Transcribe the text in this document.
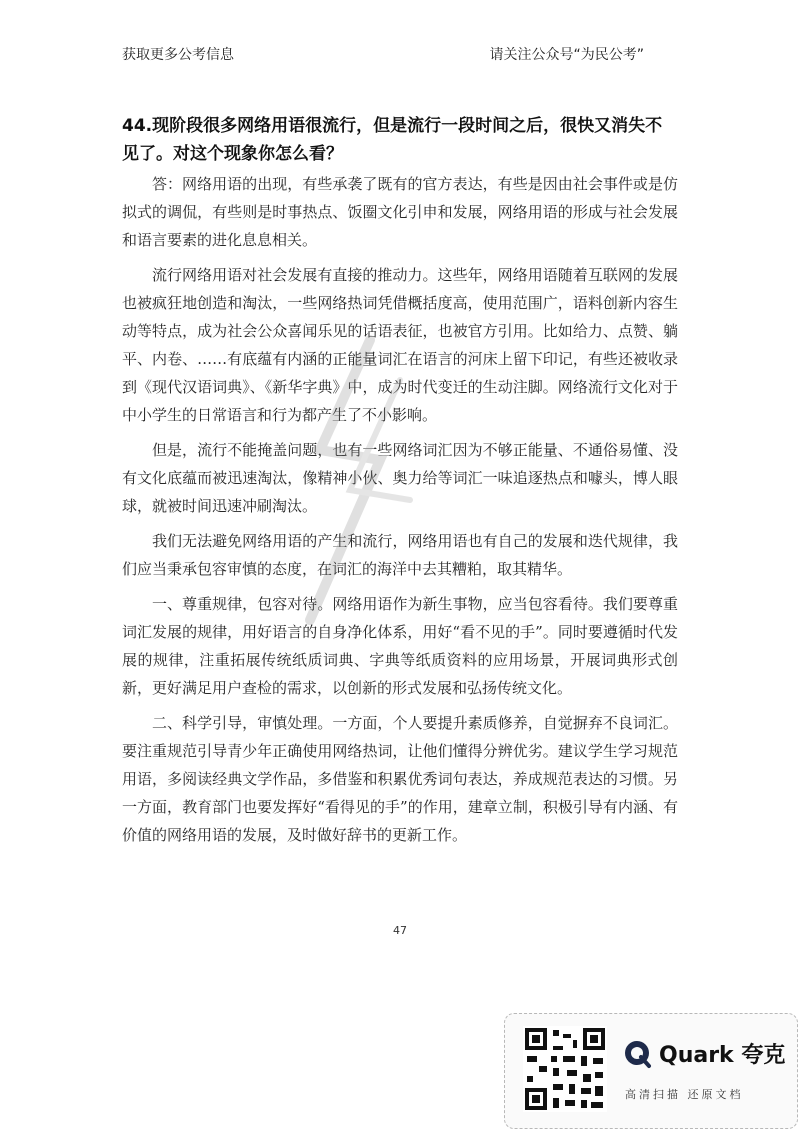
获取更多公考信息	请关注公众号“为民公考”
44.现阶段很多网络用语很流行，但是流行一段时间之后，很快又消失不见了。对这个现象你怎么看？
答：网络用语的出现，有些承袭了既有的官方表达，有些是因由社会事件或是仿拟式的调侃，有些则是时事热点、饭圈文化引申和发展，网络用语的形成与社会发展和语言要素的进化息息相关。
流行网络用语对社会发展有直接的推动力。这些年，网络用语随着互联网的发展也被疯狂地创造和淘汰，一些网络热词凭借概括度高，使用范围广，语料创新内容生动等特点，成为社会公众喜闻乐见的话语表征，也被官方引用。比如给力、点赞、躺平、内卷、……有底蕴有内涵的正能量词汇在语言的河床上留下印记，有些还被收录到《现代汉语词典》、《新华字典》中，成为时代变迁的生动注脚。网络流行文化对于中小学生的日常语言和行为都产生了不小影响。
但是，流行不能掩盖问题，也有一些网络词汇因为不够正能量、不通俗易懂、没有文化底蕴而被迅速淘汰，像精神小伙、奥力给等词汇一味追逐热点和噱头，博人眼球，就被时间迅速冲刷淘汰。
我们无法避免网络用语的产生和流行，网络用语也有自己的发展和迭代规律，我们应当秉承包容审慎的态度，在词汇的海洋中去其糟粕，取其精华。
一、尊重规律，包容对待。网络用语作为新生事物，应当包容看待。我们要尊重词汇发展的规律，用好语言的自身净化体系，用好“看不见的手”。同时要遵循时代发展的规律，注重拓展传统纸质词典、字典等纸质资料的应用场景，开展词典形式创新，更好满足用户查检的需求，以创新的形式发展和弘扬传统文化。
二、科学引导，审慎处理。一方面，个人要提升素质修养，自觉摒弃不良词汇。要注重规范引导青少年正确使用网络热词，让他们懂得分辨优劣。建议学生学习规范用语，多阅读经典文学作品，多借鉴和积累优秀词句表达，养成规范表达的习惯。另一方面，教育部门也要发挥好“看得见的手”的作用，建章立制，积极引导有内涵、有价值的网络用语的发展，及时做好辞书的更新工作。
47
Quark 夸克
高清扫描 还原文档
